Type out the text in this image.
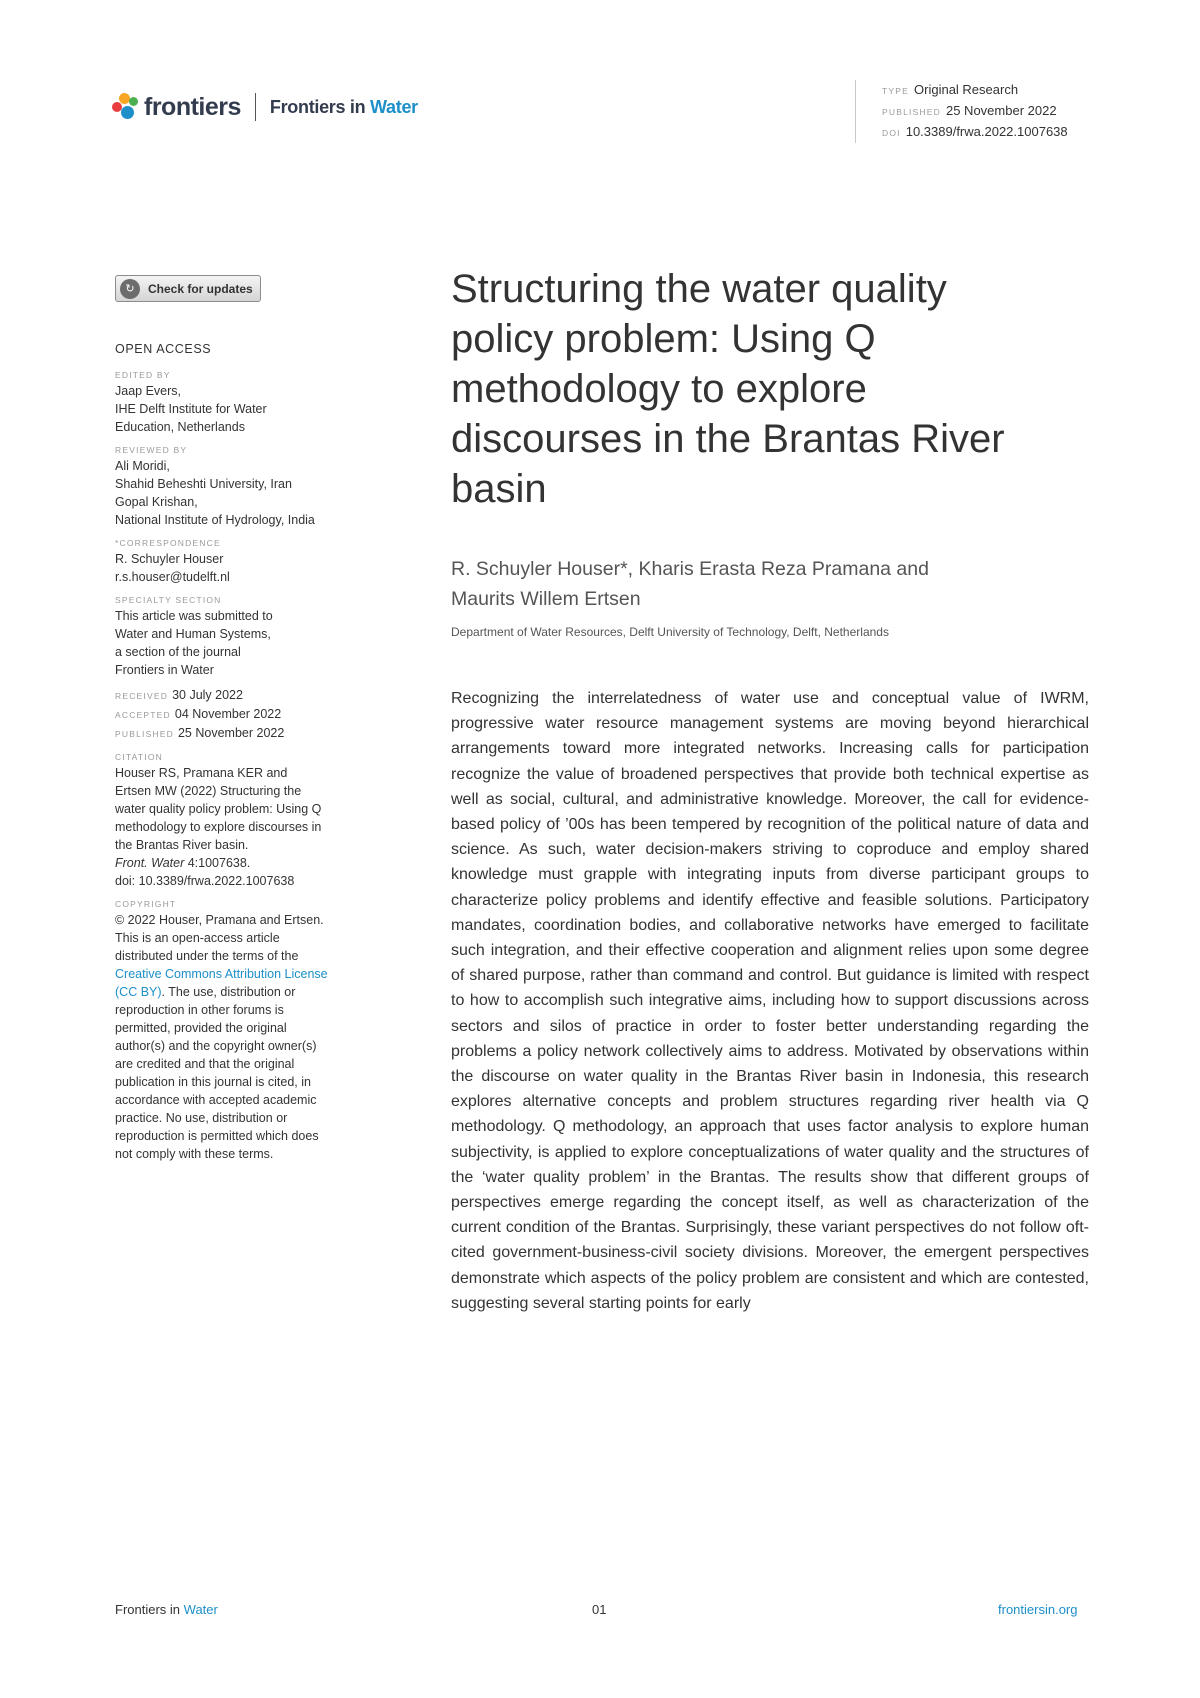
frontiers Frontiers in Water
TYPE Original Research
PUBLISHED 25 November 2022
DOI 10.3389/frwa.2022.1007638
↻	Check for updates
OPEN ACCESS
EDITED BY
Jaap Evers,
IHE Delft Institute for Water
Education, Netherlands
REVIEWED BY
Ali Moridi,
Shahid Beheshti University, Iran
Gopal Krishan,
National Institute of Hydrology, India
*CORRESPONDENCE
R. Schuyler Houser
r.s.houser@tudelft.nl
SPECIALTY SECTION
This article was submitted to
Water and Human Systems,
a section of the journal
Frontiers in Water
RECEIVED 30 July 2022
ACCEPTED 04 November 2022
PUBLISHED 25 November 2022
CITATION
Houser RS, Pramana KER and
Ertsen MW (2022) Structuring the
water quality policy problem: Using Q
methodology to explore discourses in
the Brantas River basin.
Front. Water 4:1007638.
doi: 10.3389/frwa.2022.1007638
COPYRIGHT
© 2022 Houser, Pramana and Ertsen.
This is an open-access article
distributed under the terms of the
Creative Commons Attribution License
(CC BY). The use, distribution or
reproduction in other forums is
permitted, provided the original
author(s) and the copyright owner(s)
are credited and that the original
publication in this journal is cited, in
accordance with accepted academic
practice. No use, distribution or
reproduction is permitted which does
not comply with these terms.
Structuring the water quality policy problem: Using Q methodology to explore discourses in the Brantas River basin
R. Schuyler Houser*, Kharis Erasta Reza Pramana and
Maurits Willem Ertsen
Department of Water Resources, Delft University of Technology, Delft, Netherlands

Recognizing the interrelatedness of water use and conceptual value of IWRM, progressive water resource management systems are moving beyond hierarchical arrangements toward more integrated networks. Increasing calls for participation recognize the value of broadened perspectives that provide both technical expertise as well as social, cultural, and administrative knowledge. Moreover, the call for evidence-based policy of ’00s has been tempered by recognition of the political nature of data and science. As such, water decision-makers striving to coproduce and employ shared knowledge must grapple with integrating inputs from diverse participant groups to characterize policy problems and identify effective and feasible solutions. Participatory mandates, coordination bodies, and collaborative networks have emerged to facilitate such integration, and their effective cooperation and alignment relies upon some degree of shared purpose, rather than command and control. But guidance is limited with respect to how to accomplish such integrative aims, including how to support discussions across sectors and silos of practice in order to foster better understanding regarding the problems a policy network collectively aims to address. Motivated by observations within the discourse on water quality in the Brantas River basin in Indonesia, this research explores alternative concepts and problem structures regarding river health via Q methodology. Q methodology, an approach that uses factor analysis to explore human subjectivity, is applied to explore conceptualizations of water quality and the structures of the ‘water quality problem’ in the Brantas. The results show that different groups of perspectives emerge regarding the concept itself, as well as characterization of the current condition of the Brantas. Surprisingly, these variant perspectives do not follow oft-cited government-business-civil society divisions. Moreover, the emergent perspectives demonstrate which aspects of the policy problem are consistent and which are contested, suggesting several starting points for early

Frontiers in Water	01	frontiersin.org
